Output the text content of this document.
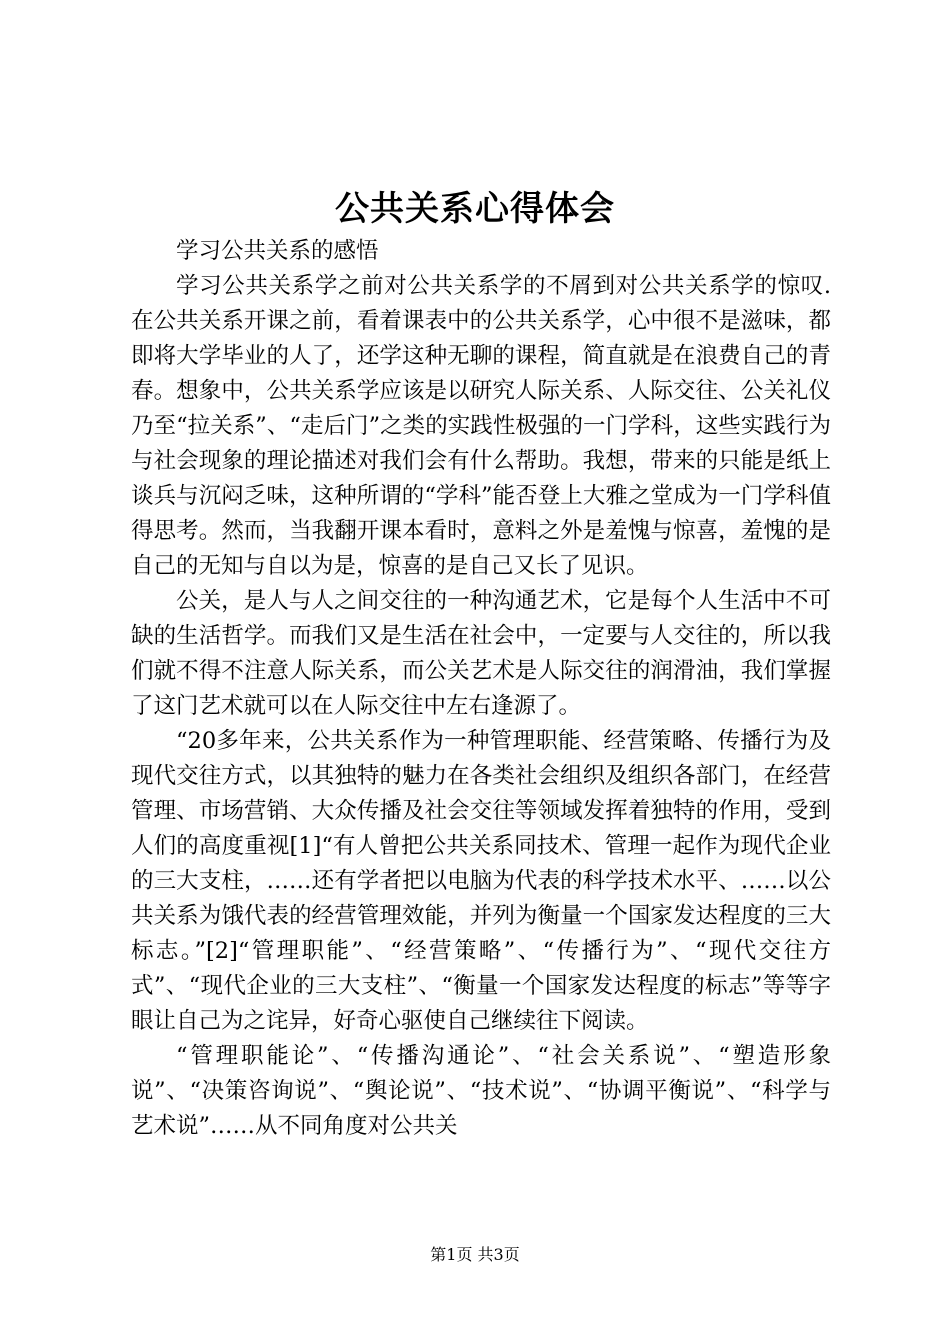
公共关系心得体会

学习公共关系的感悟

学习公共关系学之前对公共关系学的不屑到对公共关系学的惊叹.在公共关系开课之前，看着课表中的公共关系学，心中很不是滋味，都即将大学毕业的人了，还学这种无聊的课程，简直就是在浪费自己的青春。想象中，公共关系学应该是以研究人际关系、人际交往、公关礼仪乃至“拉关系”、“走后门”之类的实践性极强的一门学科，这些实践行为与社会现象的理论描述对我们会有什么帮助。我想，带来的只能是纸上谈兵与沉闷乏味，这种所谓的“学科”能否登上大雅之堂成为一门学科值得思考。然而，当我翻开课本看时，意料之外是羞愧与惊喜，羞愧的是自己的无知与自以为是，惊喜的是自己又长了见识。

公关，是人与人之间交往的一种沟通艺术，它是每个人生活中不可缺的生活哲学。而我们又是生活在社会中，一定要与人交往的，所以我们就不得不注意人际关系，而公关艺术是人际交往的润滑油，我们掌握了这门艺术就可以在人际交往中左右逢源了。

“20多年来，公共关系作为一种管理职能、经营策略、传播行为及现代交往方式，以其独特的魅力在各类社会组织及组织各部门，在经营管理、市场营销、大众传播及社会交往等领域发挥着独特的作用，受到人们的高度重视[1]“有人曾把公共关系同技术、管理一起作为现代企业的三大支柱，……还有学者把以电脑为代表的科学技术水平、……以公共关系为饿代表的经营管理效能，并列为衡量一个国家发达程度的三大标志。”[2]“管理职能”、“经营策略”、“传播行为”、“现代交往方式”、“现代企业的三大支柱”、“衡量一个国家发达程度的标志”等等字眼让自己为之诧异，好奇心驱使自己继续往下阅读。

“管理职能论”、“传播沟通论”、“社会关系说”、“塑造形象说”、“决策咨询说”、“舆论说”、“技术说”、“协调平衡说”、“科学与艺术说”……从不同角度对公共关

第1页 共3页
